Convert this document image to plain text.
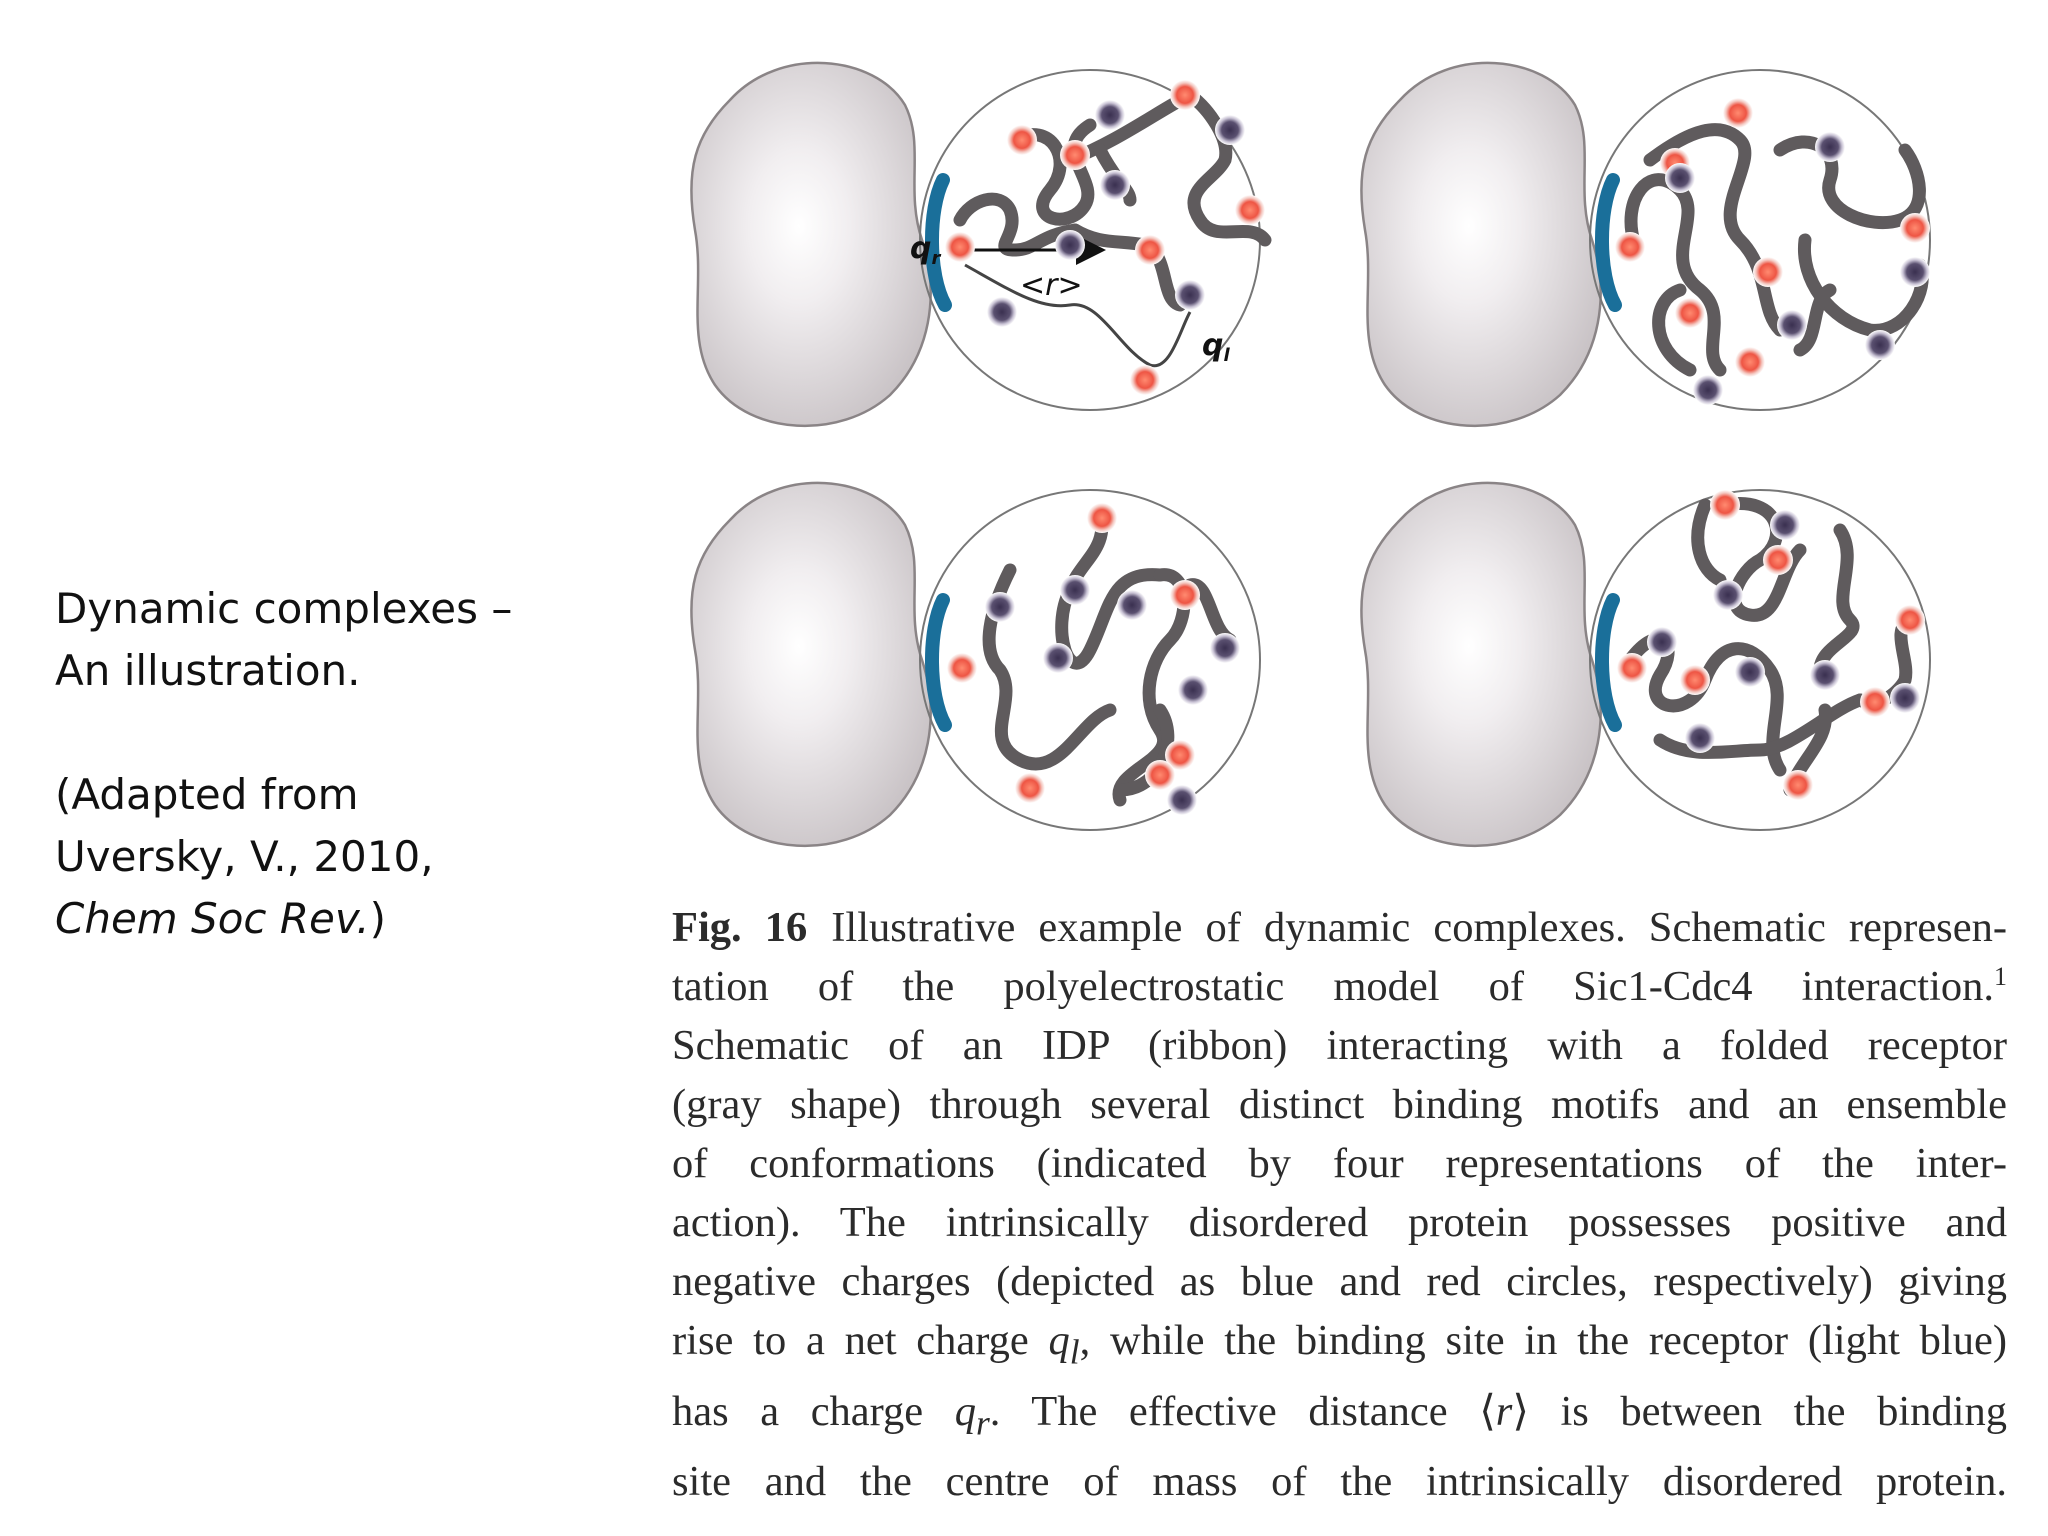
Dynamic complexes –
An illustration.
(Adapted from
Uversky, V., 2010,
Chem Soc Rev.)
$q_r$
<r>
$q_l$
Fig. 16 Illustrative example of dynamic complexes. Schematic represen-
tation of the polyelectrostatic model of Sic1-Cdc4 interaction.$^1$
Schematic of an IDP (ribbon) interacting with a folded receptor
(gray shape) through several distinct binding motifs and an ensemble
of conformations (indicated by four representations of the inter-
action). The intrinsically disordered protein possesses positive and
negative charges (depicted as blue and red circles, respectively) giving
rise to a net charge $q_l$, while the binding site in the receptor (light blue)
has a charge $q_r$. The effective distance ⟨r⟩ is between the binding
site and the centre of mass of the intrinsically disordered protein.
